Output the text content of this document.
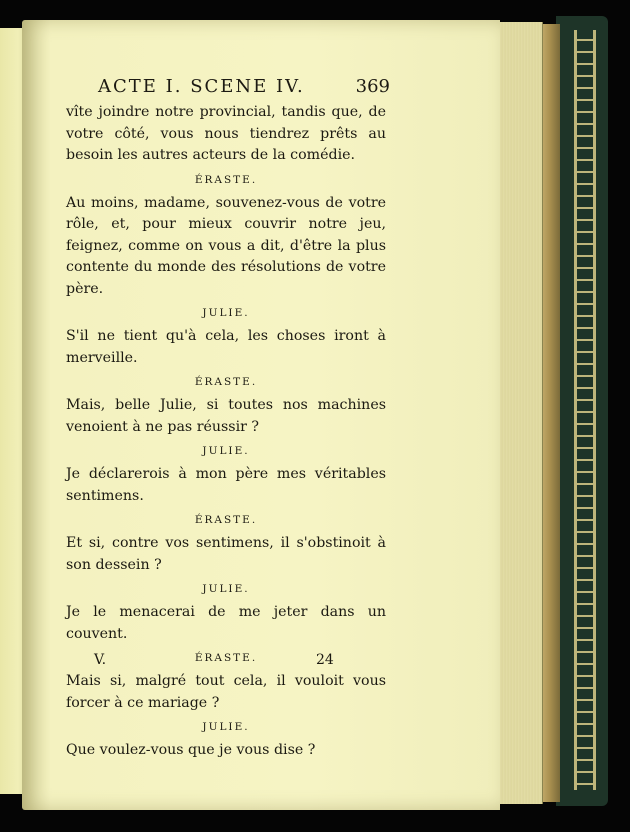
ACTE I. SCENE IV.	369

vîte joindre notre provincial, tandis que, de votre côté, vous nous tiendrez prêts au besoin les autres acteurs de la comédie.

ÉRASTE.

Au moins, madame, souvenez-vous de votre rôle, et, pour mieux couvrir notre jeu, feignez, comme on vous a dit, d'être la plus contente du monde des résolutions de votre père.

JULIE.

S'il ne tient qu'à cela, les choses iront à merveille.

ÉRASTE.

Mais, belle Julie, si toutes nos machines venoient à ne pas réussir ?

JULIE.

Je déclarerois à mon père mes véritables sentimens.

ÉRASTE.

Et si, contre vos sentimens, il s'obstinoit à son dessein ?

JULIE.

Je le menacerai de me jeter dans un couvent.

ÉRASTE.

Mais si, malgré tout cela, il vouloit vous forcer à ce mariage ?

JULIE.

Que voulez-vous que je vous dise ?

V.	24
